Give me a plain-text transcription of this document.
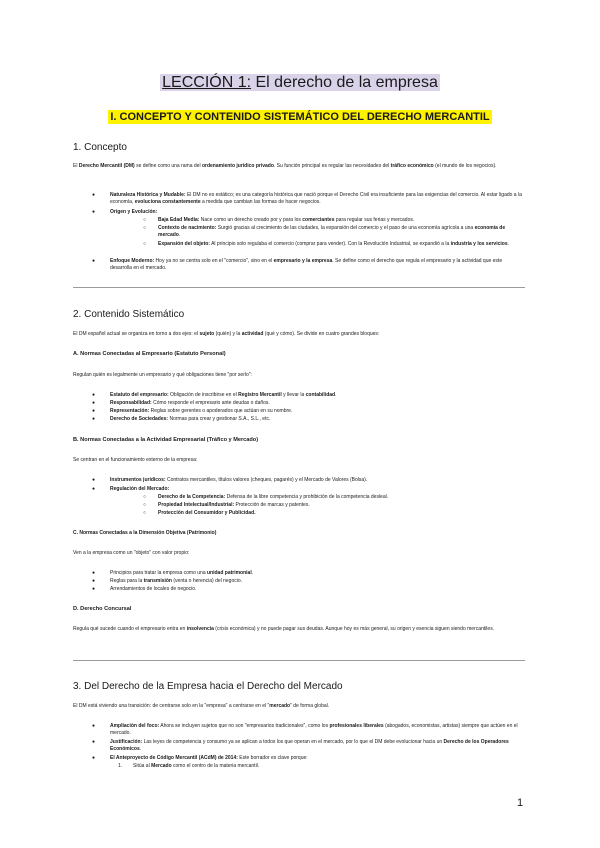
LECCIÓN 1: El derecho de la empresa
I. CONCEPTO Y CONTENIDO SISTEMÁTICO DEL DERECHO MERCANTIL
1. Concepto
El Derecho Mercantil (DM) se define como una rama del ordenamiento jurídico privado. Su función principal es regular las necesidades del tráfico económico (el mundo de los negocios).
●	Naturaleza Histórica y Mudable: El DM no es estático; es una categoría histórica que nació porque el Derecho Civil era insuficiente para las exigencias del comercio. Al estar ligado a la economía, evoluciona constantemente a medida que cambian las formas de hacer negocios.
●	Origen y Evolución:
○ Baja Edad Media: Nace como un derecho creado por y para los comerciantes para regular sus ferias y mercados.
○ Contexto de nacimiento: Surgió gracias al crecimiento de las ciudades, la expansión del comercio y el paso de una economía agrícola a una economía de mercado.
○ Expansión del objeto: Al principio solo regulaba el comercio (comprar para vender). Con la Revolución Industrial, se expandió a la industria y los servicios.
●	Enfoque Moderno: Hoy ya no se centra solo en el "comercio", sino en el empresario y la empresa. Se define como el derecho que regula el empresario y la actividad que este desarrolla en el mercado.
2. Contenido Sistemático
El DM español actual se organiza en torno a dos ejes: el sujeto (quién) y la actividad (qué y cómo). Se divide en cuatro grandes bloques:
A. Normas Conectadas al Empresario (Estatuto Personal)
Regulan quién es legalmente un empresario y qué obligaciones tiene "por serlo":
●	Estatuto del empresario: Obligación de inscribirse en el Registro Mercantil y llevar la contabilidad.
●	Responsabilidad: Cómo responde el empresario ante deudas o daños.
●	Representación: Reglas sobre gerentes o apoderados que actúan en su nombre.
●	Derecho de Sociedades: Normas para crear y gestionar S.A., S.L., etc.
B. Normas Conectadas a la Actividad Empresarial (Tráfico y Mercado)
Se centran en el funcionamiento externo de la empresa:
●	Instrumentos jurídicos: Contratos mercantiles, títulos valores (cheques, pagarés) y el Mercado de Valores (Bolsa).
●	Regulación del Mercado:
○ Derecho de la Competencia: Defensa de la libre competencia y prohibición de la competencia desleal.
○ Propiedad Intelectual/Industrial: Protección de marcas y patentes.
○ Protección del Consumidor y Publicidad.
C. Normas Conectadas a la Dimensión Objetiva (Patrimonio)
Ven a la empresa como un "objeto" con valor propio:
●	Principios para tratar la empresa como una unidad patrimonial.
●	Reglas para la transmisión (venta o herencia) del negocio.
●	Arrendamientos de locales de negocio.
D. Derecho Concursal
Regula qué sucede cuando el empresario entra en insolvencia (crisis económica) y no puede pagar sus deudas. Aunque hoy es más general, su origen y esencia siguen siendo mercantiles.
3. Del Derecho de la Empresa hacia el Derecho del Mercado
El DM está viviendo una transición: de centrarse solo en la "empresa" a centrarse en el "mercado" de forma global.
●	Ampliación del foco: Ahora se incluyen sujetos que no son "empresarios tradicionales", como los profesionales liberales (abogados, economistas, artistas) siempre que actúen en el mercado.
●	Justificación: Las leyes de competencia y consumo ya se aplican a todos los que operan en el mercado, por lo que el DM debe evolucionar hacia un Derecho de los Operadores Económicos.
●	El Anteproyecto de Código Mercantil (ACdM) de 2014: Este borrador es clave porque:
1. Sitúa al Mercado como el centro de la materia mercantil.
1
